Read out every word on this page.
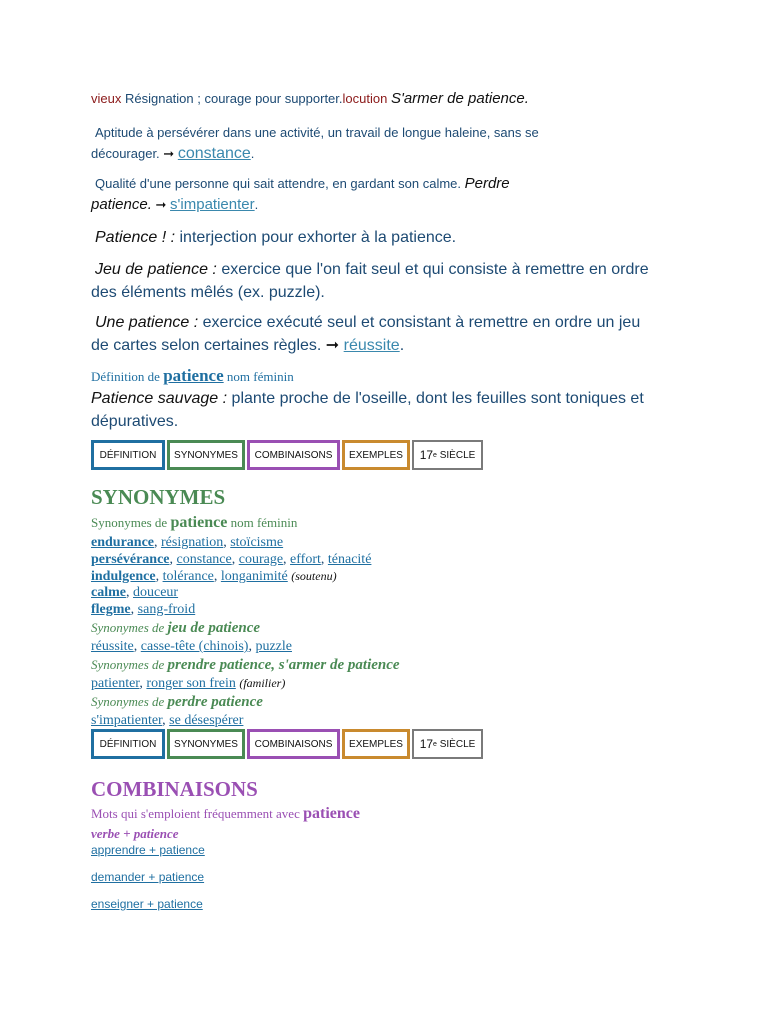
vieux Résignation ; courage pour supporter.locution S'armer de patience.
Aptitude à persévérer dans une activité, un travail de longue haleine, sans se
décourager. ➞ constance.
Qualité d'une personne qui sait attendre, en gardant son calme. Perdre
patience. ➞ s'impatienter.
Patience ! : interjection pour exhorter à la patience.
Jeu de patience : exercice que l'on fait seul et qui consiste à remettre en ordre
des éléments mêlés (ex. puzzle).
Une patience : exercice exécuté seul et consistant à remettre en ordre un jeu
de cartes selon certaines règles. ➞ réussite.
Définition de patience nom féminin
Patience sauvage : plante proche de l'oseille, dont les feuilles sont toniques et
dépuratives.
DÉFINITION	SYNONYMES	COMBINAISONS	EXEMPLES	17 e
SIÈCLE
SYNONYMES
Synonymes de patience nom féminin
endurance, résignation, stoïcisme
persévérance, constance, courage, effort, ténacité
indulgence, tolérance, longanimité (soutenu)
calme, douceur
flegme, sang-froid
Synonymes de jeu de patience
réussite, casse-tête (chinois), puzzle
Synonymes de prendre patience, s'armer de patience
patienter, ronger son frein (familier)
Synonymes de perdre patience
s'impatienter, se désespérer
DÉFINITION	SYNONYMES	COMBINAISONS	EXEMPLES	17 e
SIÈCLE
COMBINAISONS
Mots qui s'emploient fréquemment avec patience
verbe + patience
apprendre + patience
demander + patience
enseigner + patience
